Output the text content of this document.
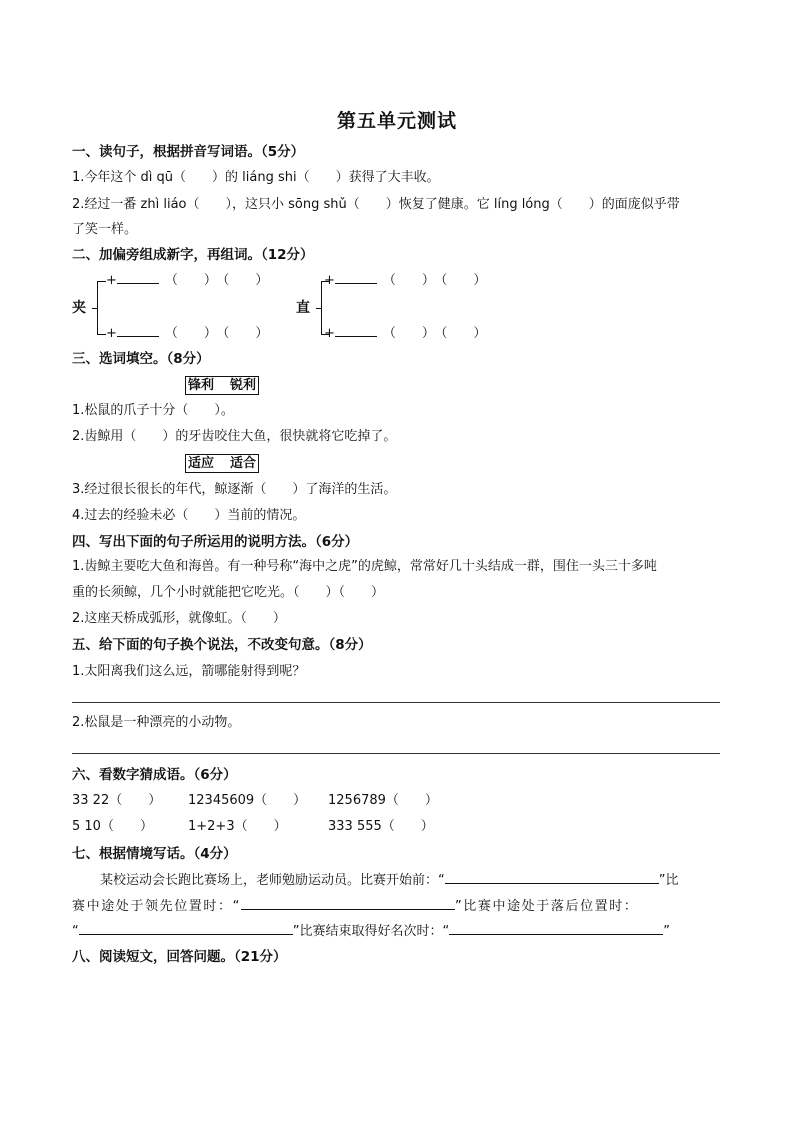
第五单元测试
一、读句子，根据拼音写词语。（5分）
1.今年这个 dì qū（　　）的 liáng shi（　　）获得了大丰收。
2.经过一番 zhì liáo（　　），这只小 sōng shǔ（　　）恢复了健康。它 líng lóng（　　）的面庞似乎带
了笑一样。
二、加偏旁组成新字，再组词。（12分）
夹
+	（　　） （　　）
+	（　　） （　　）
直
+	（　　） （　　）
+	（　　） （　　）
三、选词填空。（8分）
锋利 锐利
1.松鼠的爪子十分（　　）。
2.齿鲸用（　　）的牙齿咬住大鱼，很快就将它吃掉了。
适应 适合
3.经过很长很长的年代，鲸逐渐（　　）了海洋的生活。
4.过去的经验未必（　　）当前的情况。
四、写出下面的句子所运用的说明方法。（6分）
1.齿鲸主要吃大鱼和海兽。有一种号称“海中之虎”的虎鲸，常常好几十头结成一群，围住一头三十多吨
重的长须鲸，几个小时就能把它吃光。（　　）（　　）
2.这座天桥成弧形，就像虹。（　　）
五、给下面的句子换个说法，不改变句意。（8分）
1.太阳离我们这么远，箭哪能射得到呢？
2.松鼠是一种漂亮的小动物。
六、看数字猜成语。（6分）
33 22（　　） 12345609（　　） 1256789（　　）
5 10（　　）	1+2+3（　　）	333 555（　　）
七、根据情境写话。（4分）
某校运动会长跑比赛场上，老师勉励运动员。比赛开始前：“	”比
赛中途处于领先位置时：“	”比赛中途处于落后位置时：
“	”比赛结束取得好名次时：“	”
八、阅读短文，回答问题。（21分）
